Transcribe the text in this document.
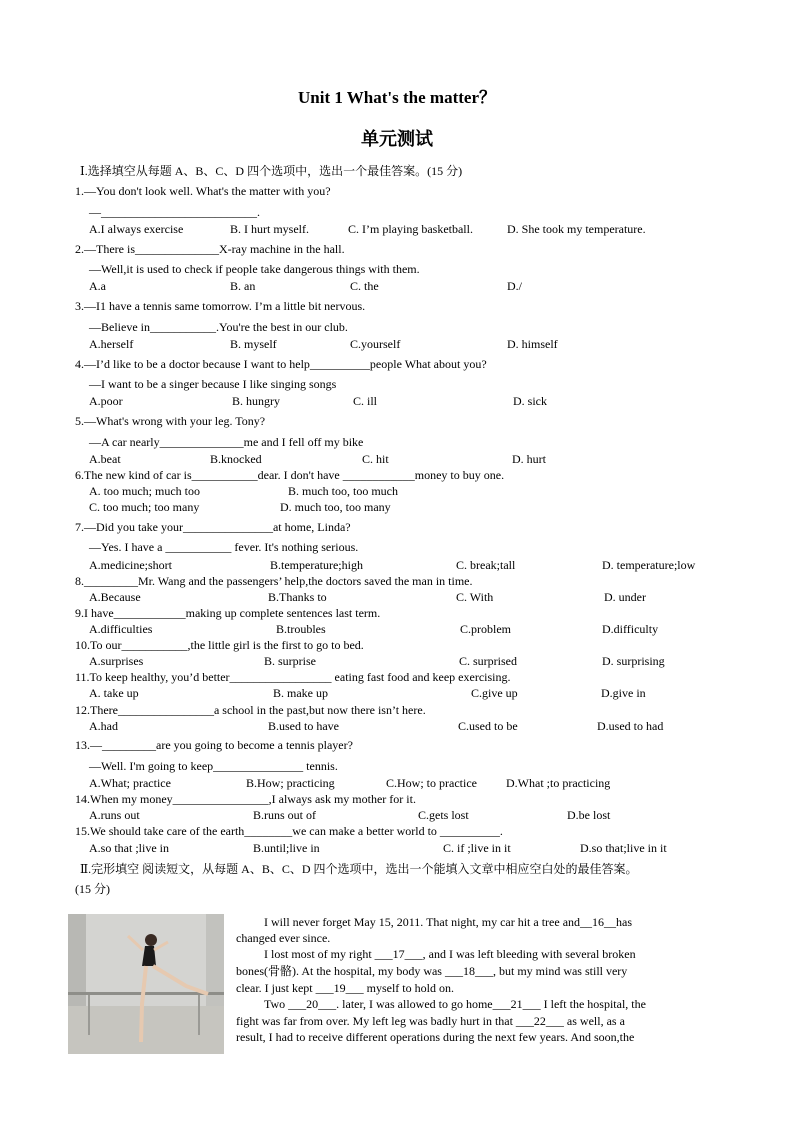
Unit 1 What's the matter？
单元测试
Ⅰ.选择填空从每题 A、B、C、D 四个选项中，选出一个最佳答案。(15 分)
1.—You don't look well. What's the matter with you?
—__________________________.
A.I always exercise	B. I hurt myself.	C. I’m playing basketball.	D. She took my temperature.
2.—There is______________X-ray machine in the hall.
—Well,it is used to check if people take dangerous things with them.
A.a	B. an	C. the	D./
3.—I1 have a tennis same tomorrow. I’m a little bit nervous.
—Believe in___________.You're the best in our club.
A.herself	B. myself	C.yourself	D. himself
4.—I’d like to be a doctor because I want to help__________people What about you?
—I want to be a singer because I like singing songs
A.poor	B. hungry	C. ill	D. sick
5.—What's wrong with your leg. Tony?
—A car nearly______________me and I fell off my bike
A.beat	B.knocked	C. hit	D. hurt
6.The new kind of car is___________dear. I don't have ____________money to buy one.
A. too much; much too	B. much too, too much
C. too much; too many	D. much too, too many
7.—Did you take your_______________at home, Linda?
—Yes. I have a ___________ fever. It's nothing serious.
A.medicine;short	B.temperature;high	C. break;tall	D. temperature;low
8._________Mr. Wang and the passengers’ help,the doctors saved the man in time.
A.Because	B.Thanks to	C. With	D. under
9.I have____________making up complete sentences last term.
A.difficulties	B.troubles	C.problem	D.difficulty
10.To our___________,the little girl is the first to go to bed.
A.surprises	B. surprise	C. surprised	D. surprising
11.To keep healthy, you’d better_________________ eating fast food and keep exercising.
A. take up	B. make up	C.give up	D.give in
12.There________________a school in the past,but now there isn’t here.
A.had	B.used to have	C.used to be	D.used to had
13.—_________are you going to become a tennis player?
—Well. I'm going to keep_______________ tennis.
A.What; practice	B.How; practicing	C.How; to practice D.What ;to practicing
14.When my money________________,I always ask my mother for it.
A.runs out	B.runs out of	C.gets lost	D.be lost
15.We should take care of the earth________we can make a better world to __________.
A.so that ;live in	B.until;live in	C. if ;live in it	D.so that;live in it
Ⅱ.完形填空 阅读短文，从每题 A、B、C、D 四个选项中，选出一个能填入文章中相应空白处的最佳答案。
(15 分)
I will never forget May 15, 2011. That night, my car hit a tree and__16__has
changed ever since.
I lost most of my right ___17___, and I was left bleeding with several broken
bones(骨骼). At the hospital, my body was ___18___, but my mind was still very
clear. I just kept ___19___ myself to hold on.
Two ___20___. later, I was allowed to go home___21___ I left the hospital, the
fight was far from over. My left leg was badly hurt in that ___22___ as well, as a
result, I had to receive different operations during the next few years. And soon,the
